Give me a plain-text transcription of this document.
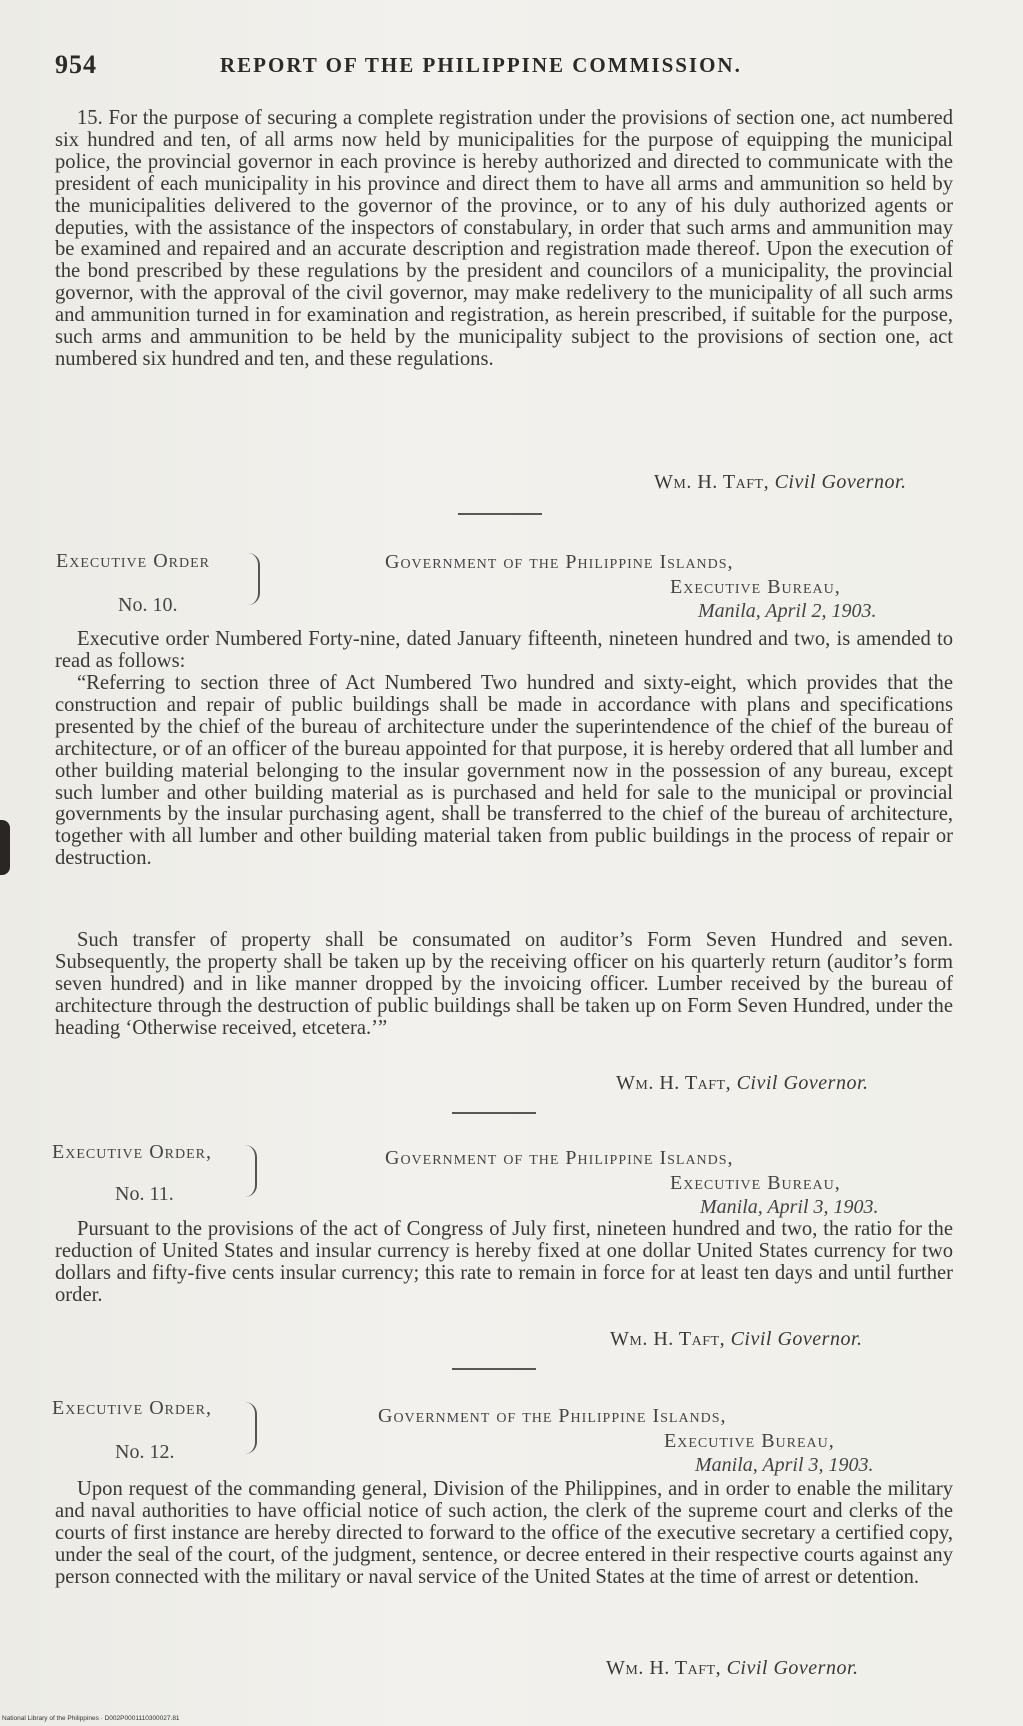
954	REPORT OF THE PHILIPPINE COMMISSION.
15. For the purpose of securing a complete registration under the provisions of section one, act numbered six hundred and ten, of all arms now held by municipalities for the purpose of equipping the municipal police, the provincial governor in each province is hereby authorized and directed to communicate with the president of each municipality in his province and direct them to have all arms and ammunition so held by the municipalities delivered to the governor of the province, or to any of his duly authorized agents or deputies, with the assistance of the inspectors of constabulary, in order that such arms and ammunition may be examined and repaired and an accurate description and registration made thereof. Upon the execution of the bond prescribed by these regulations by the president and councilors of a municipality, the provincial governor, with the approval of the civil governor, may make redelivery to the municipality of all such arms and ammunition turned in for examination and registration, as herein prescribed, if suitable for the purpose, such arms and ammunition to be held by the municipality subject to the provisions of section one, act numbered six hundred and ten, and these regulations.
Wm. H. Taft, Civil Governor.
Executive Order
No. 10.
Government of the Philippine Islands,
Executive Bureau,
Manila, April 2, 1903.
Executive order Numbered Forty-nine, dated January fifteenth, nineteen hundred and two, is amended to read as follows:
“Referring to section three of Act Numbered Two hundred and sixty-eight, which provides that the construction and repair of public buildings shall be made in accordance with plans and specifications presented by the chief of the bureau of architecture under the superintendence of the chief of the bureau of architecture, or of an officer of the bureau appointed for that purpose, it is hereby ordered that all lumber and other building material belonging to the insular government now in the possession of any bureau, except such lumber and other building material as is purchased and held for sale to the municipal or provincial governments by the insular purchasing agent, shall be transferred to the chief of the bureau of architecture, together with all lumber and other building material taken from public buildings in the process of repair or destruction.
Such transfer of property shall be consumated on auditor’s Form Seven Hundred and seven. Subsequently, the property shall be taken up by the receiving officer on his quarterly return (auditor’s form seven hundred) and in like manner dropped by the invoicing officer. Lumber received by the bureau of architecture through the destruction of public buildings shall be taken up on Form Seven Hundred, under the heading ‘Otherwise received, etcetera.’”
Wm. H. Taft, Civil Governor.
Executive Order,
No. 11.
Government of the Philippine Islands,
Executive Bureau,
Manila, April 3, 1903.
Pursuant to the provisions of the act of Congress of July first, nineteen hundred and two, the ratio for the reduction of United States and insular currency is hereby fixed at one dollar United States currency for two dollars and fifty-five cents insular currency; this rate to remain in force for at least ten days and until further order.
Wm. H. Taft, Civil Governor.
Executive Order,
No. 12.
Government of the Philippine Islands,
Executive Bureau,
Manila, April 3, 1903.
Upon request of the commanding general, Division of the Philippines, and in order to enable the military and naval authorities to have official notice of such action, the clerk of the supreme court and clerks of the courts of first instance are hereby directed to forward to the office of the executive secretary a certified copy, under the seal of the court, of the judgment, sentence, or decree entered in their respective courts against any person connected with the military or naval service of the United States at the time of arrest or detention.
Wm. H. Taft, Civil Governor.
National Library of the Philippines · D002P0001110300027.81
